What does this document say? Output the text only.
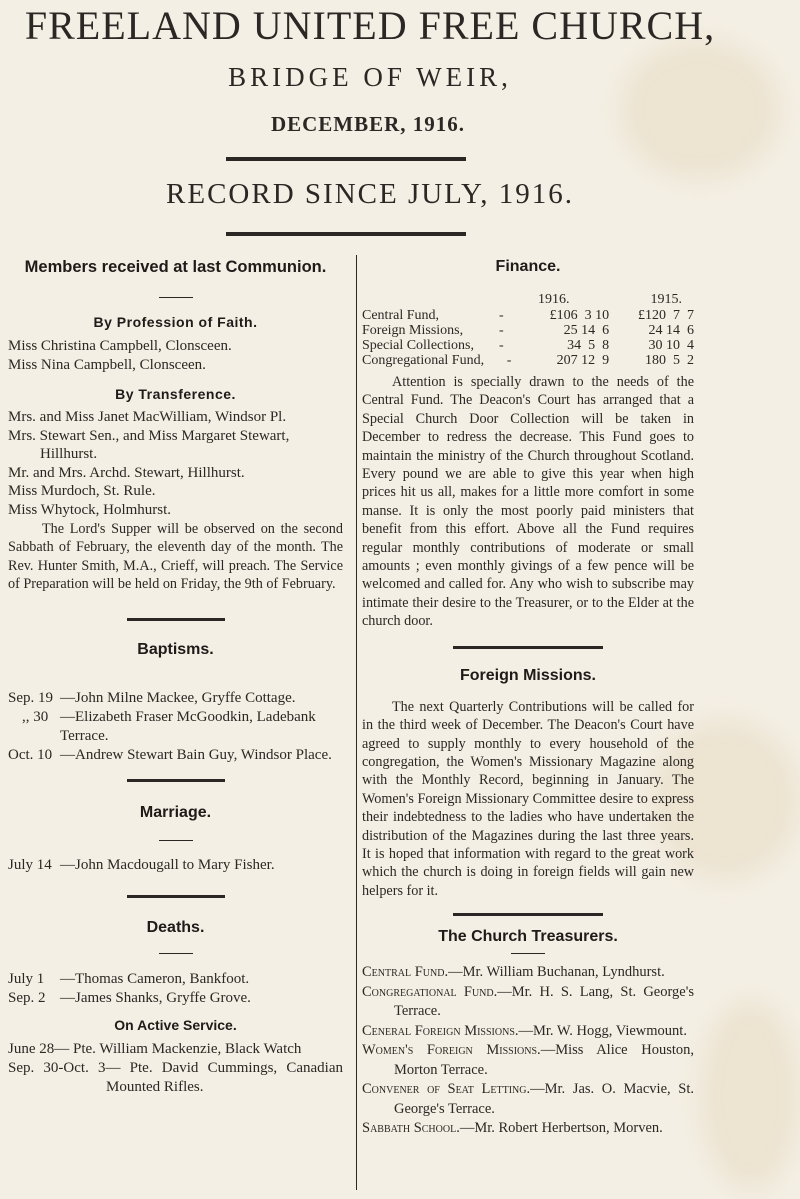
FREELAND UNITED FREE CHURCH,
BRIDGE OF WEIR,
DECEMBER, 1916.
RECORD SINCE JULY, 1916.
Members received at last Communion.
By Profession of Faith.
Miss Christina Campbell, Clonsceen.
Miss Nina Campbell, Clonsceen.
By Transference.
Mrs. and Miss Janet MacWilliam, Windsor Pl.
Mrs. Stewart Sen., and Miss Margaret Stewart, Hillhurst.
Mr. and Mrs. Archd. Stewart, Hillhurst.
Miss Murdoch, St. Rule.
Miss Whytock, Holmhurst.
The Lord's Supper will be observed on the second Sabbath of February, the eleventh day of the month. The Rev. Hunter Smith, M.A., Crieff, will preach. The Service of Preparation will be held on Friday, the 9th of February.
Baptisms.
Sep. 19 —John Milne Mackee, Gryffe Cottage.
,, 30 —Elizabeth Fraser McGoodkin, Ladebank Terrace.
Oct. 10 —Andrew Stewart Bain Guy, Windsor Place.
Marriage.
July 14 —John Macdougall to Mary Fisher.
Deaths.
July 1	—Thomas Cameron, Bankfoot.
Sep. 2 —James Shanks, Gryffe Grove.
On Active Service.
June 28 — Pte. William Mackenzie, Black Watch
Sep. 30-Oct. 3— Pte. David Cummings, Canadian Mounted Rifles.
Finance.
1916.	1915.
Central Fund,	-	£106  3 10	£120  7  7
Foreign Missions,	-	25 14  6	24 14  6
Special Collections,	-	34  5  8	30 10  4
Congregational Fund,	-	207 12  9	180  5  2
Attention is specially drawn to the needs of the Central Fund. The Deacon's Court has arranged that a Special Church Door Collection will be taken in December to redress the decrease. This Fund goes to maintain the ministry of the Church throughout Scotland. Every pound we are able to give this year when high prices hit us all, makes for a little more comfort in some manse. It is only the most poorly paid ministers that benefit from this effort. Above all the Fund requires regular monthly contributions of moderate or small amounts ; even monthly givings of a few pence will be welcomed and called for. Any who wish to subscribe may intimate their desire to the Treasurer, or to the Elder at the church door.
Foreign Missions.
The next Quarterly Contributions will be called for in the third week of December. The Deacon's Court have agreed to supply monthly to every household of the congregation, the Women's Missionary Magazine along with the Monthly Record, beginning in January. The Women's Foreign Missionary Committee desire to express their indebtedness to the ladies who have undertaken the distribution of the Magazines during the last three years. It is hoped that information with regard to the great work which the church is doing in foreign fields will gain new helpers for it.
The Church Treasurers.
Central Fund.—Mr. William Buchanan, Lyndhurst.
Congregational Fund.—Mr. H. S. Lang, St. George's Terrace.
Ceneral Foreign Missions.—Mr. W. Hogg, Viewmount.
Women's Foreign Missions.—Miss Alice Houston, Morton Terrace.
Convener of Seat Letting.—Mr. Jas. O. Macvie, St. George's Terrace.
Sabbath School.—Mr. Robert Herbertson, Morven.
